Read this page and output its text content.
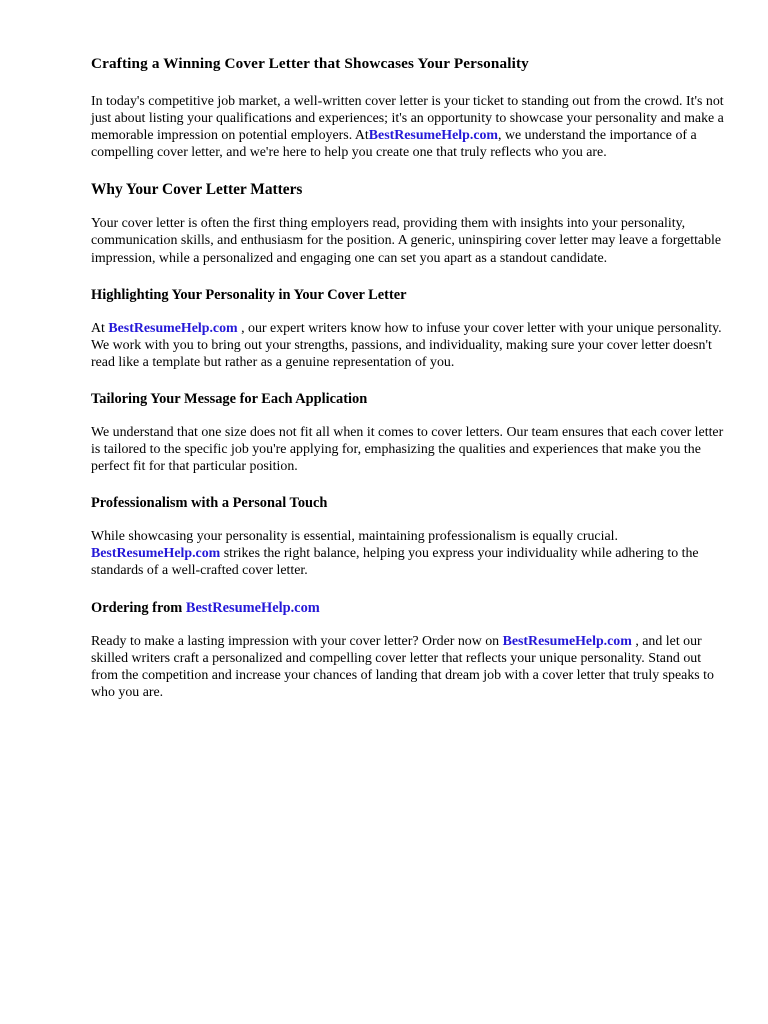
Crafting a Winning Cover Letter that Showcases Your Personality

In today's competitive job market, a well-written cover letter is your ticket to standing out from the crowd. It's not just about listing your qualifications and experiences; it's an opportunity to showcase your personality and make a memorable impression on potential employers. AtBestResumeHelp.com, we understand the importance of a compelling cover letter, and we're here to help you create one that truly reflects who you are.

Why Your Cover Letter Matters

Your cover letter is often the first thing employers read, providing them with insights into your personality, communication skills, and enthusiasm for the position. A generic, uninspiring cover letter may leave a forgettable impression, while a personalized and engaging one can set you apart as a standout candidate.

Highlighting Your Personality in Your Cover Letter

At BestResumeHelp.com , our expert writers know how to infuse your cover letter with your unique personality. We work with you to bring out your strengths, passions, and individuality, making sure your cover letter doesn't read like a template but rather as a genuine representation of you.

Tailoring Your Message for Each Application

We understand that one size does not fit all when it comes to cover letters. Our team ensures that each cover letter is tailored to the specific job you're applying for, emphasizing the qualities and experiences that make you the perfect fit for that particular position.

Professionalism with a Personal Touch

While showcasing your personality is essential, maintaining professionalism is equally crucial. BestResumeHelp.com strikes the right balance, helping you express your individuality while adhering to the standards of a well-crafted cover letter.

Ordering from BestResumeHelp.com

Ready to make a lasting impression with your cover letter? Order now on BestResumeHelp.com , and let our skilled writers craft a personalized and compelling cover letter that reflects your unique personality. Stand out from the competition and increase your chances of landing that dream job with a cover letter that truly speaks to who you are.
